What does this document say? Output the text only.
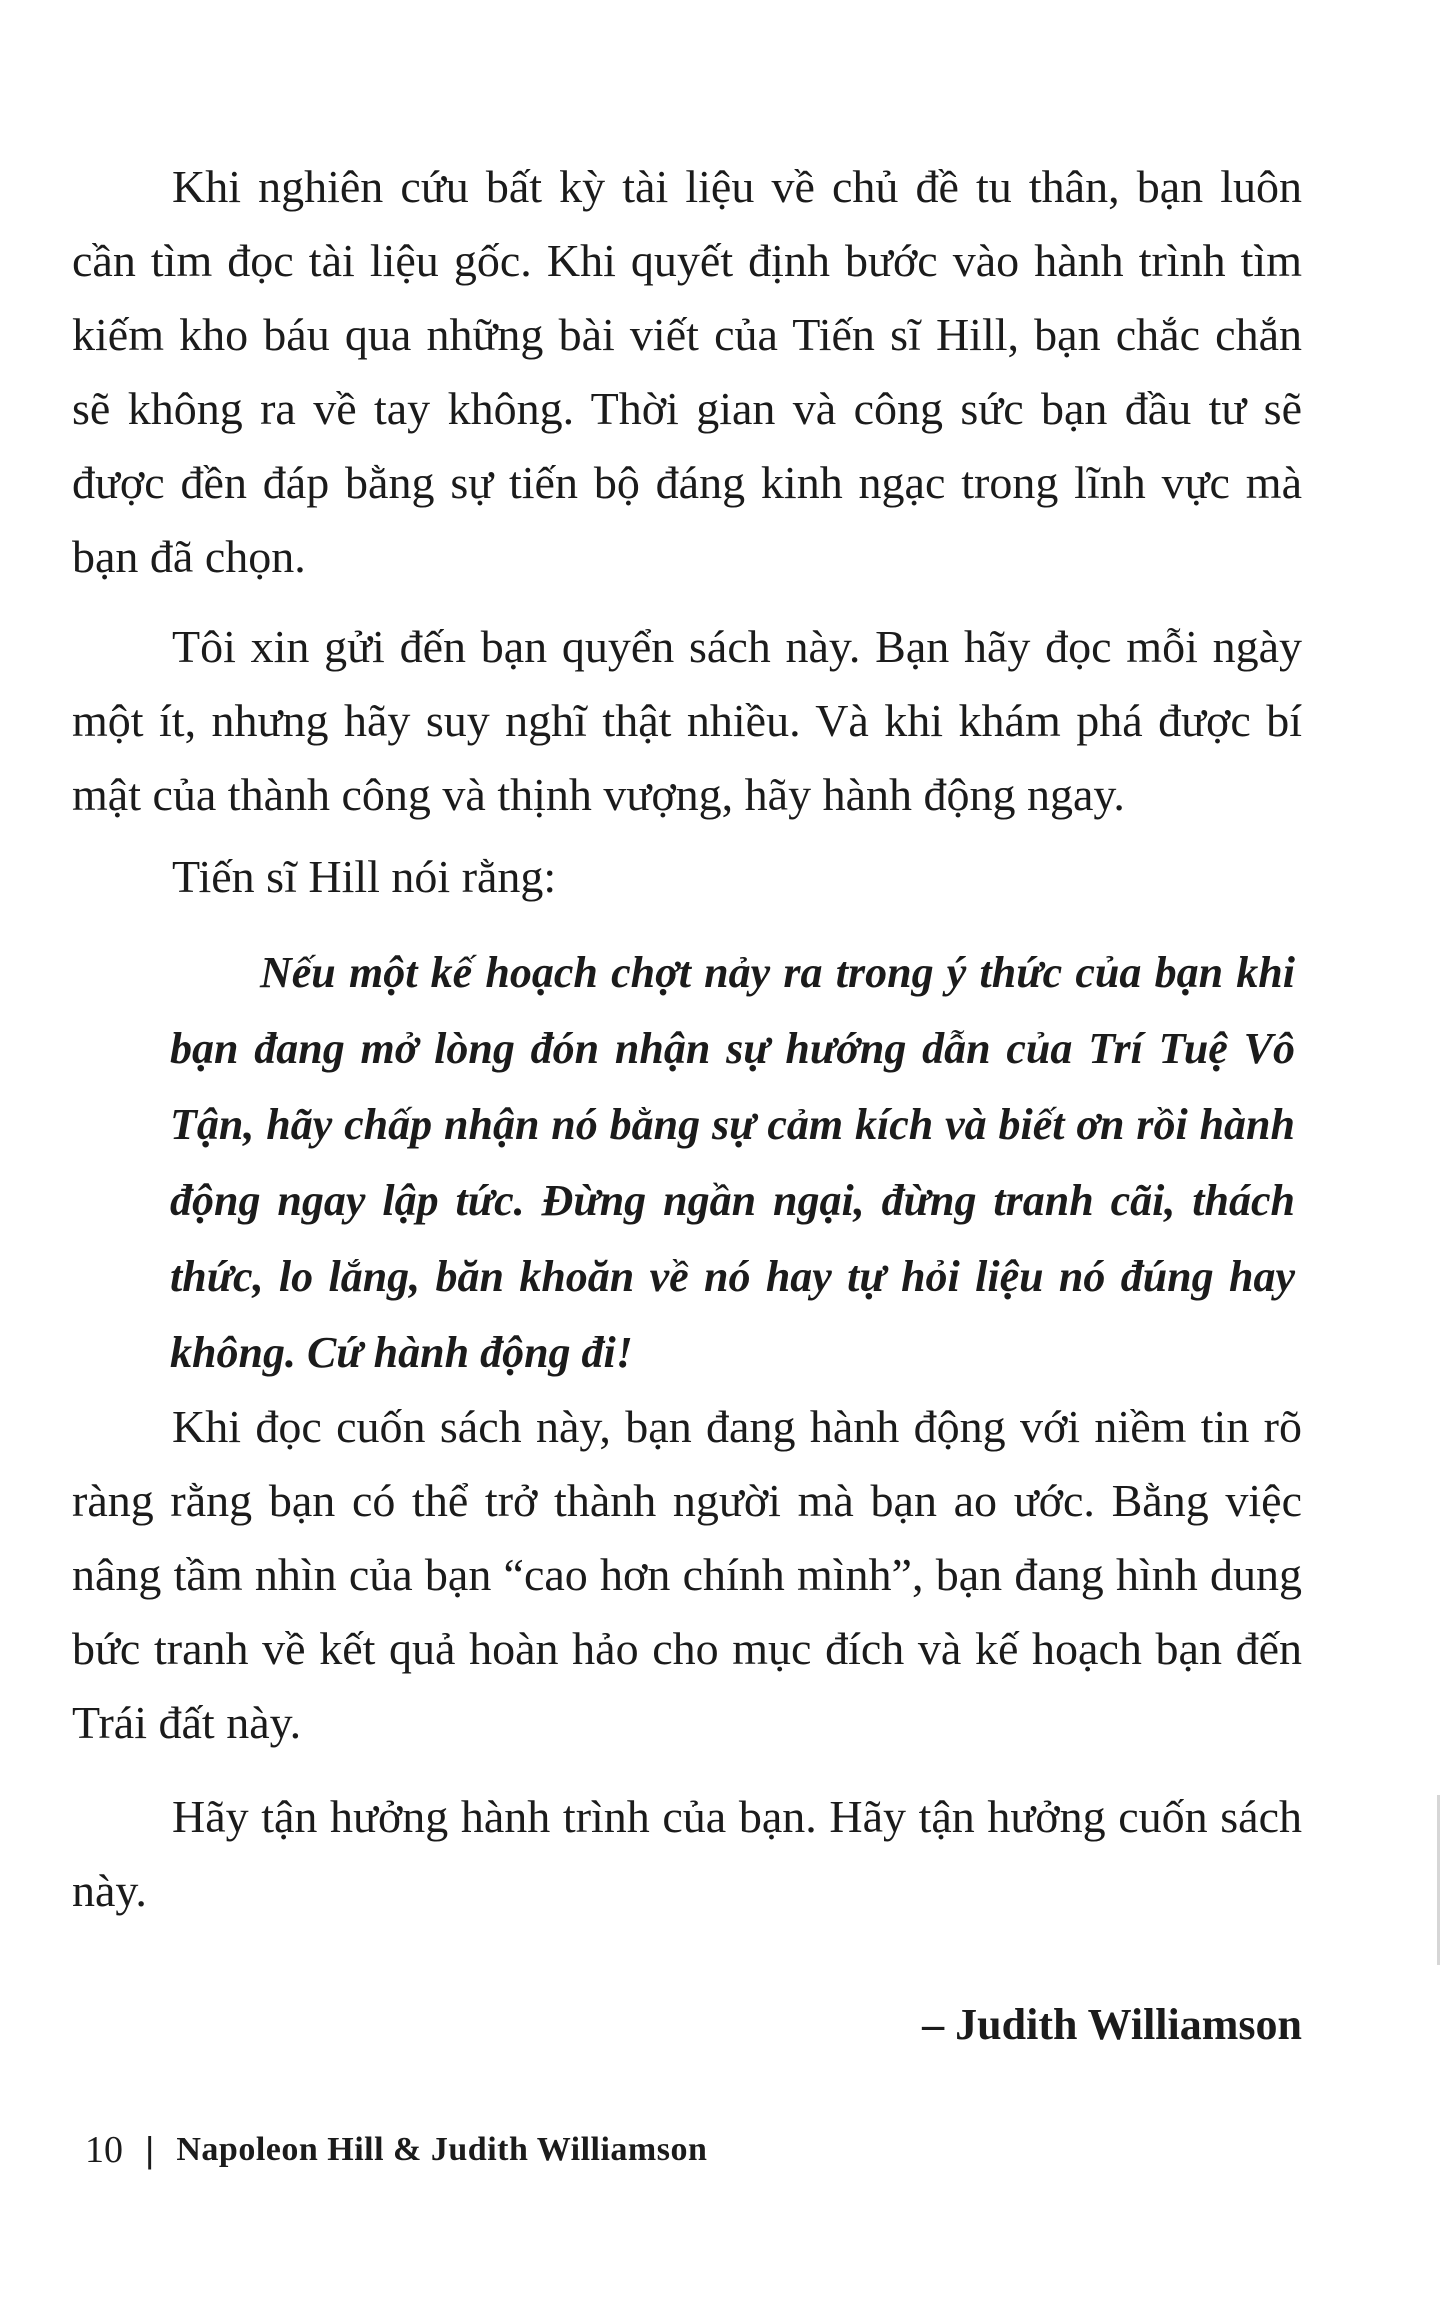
Khi nghiên cứu bất kỳ tài liệu về chủ đề tu thân, bạn luôn cần tìm đọc tài liệu gốc. Khi quyết định bước vào hành trình tìm kiếm kho báu qua những bài viết của Tiến sĩ Hill, bạn chắc chắn sẽ không ra về tay không. Thời gian và công sức bạn đầu tư sẽ được đền đáp bằng sự tiến bộ đáng kinh ngạc trong lĩnh vực mà bạn đã chọn.

Tôi xin gửi đến bạn quyển sách này. Bạn hãy đọc mỗi ngày một ít, nhưng hãy suy nghĩ thật nhiều. Và khi khám phá được bí mật của thành công và thịnh vượng, hãy hành động ngay.

Tiến sĩ Hill nói rằng:

Nếu một kế hoạch chợt nảy ra trong ý thức của bạn khi bạn đang mở lòng đón nhận sự hướng dẫn của Trí Tuệ Vô Tận, hãy chấp nhận nó bằng sự cảm kích và biết ơn rồi hành động ngay lập tức. Đừng ngần ngại, đừng tranh cãi, thách thức, lo lắng, băn khoăn về nó hay tự hỏi liệu nó đúng hay không. Cứ hành động đi!

Khi đọc cuốn sách này, bạn đang hành động với niềm tin rõ ràng rằng bạn có thể trở thành người mà bạn ao ước. Bằng việc nâng tầm nhìn của bạn “cao hơn chính mình”, bạn đang hình dung bức tranh về kết quả hoàn hảo cho mục đích và kế hoạch bạn đến Trái đất này.

Hãy tận hưởng hành trình của bạn. Hãy tận hưởng cuốn sách này.

– Judith Williamson

10 | Napoleon Hill & Judith Williamson
